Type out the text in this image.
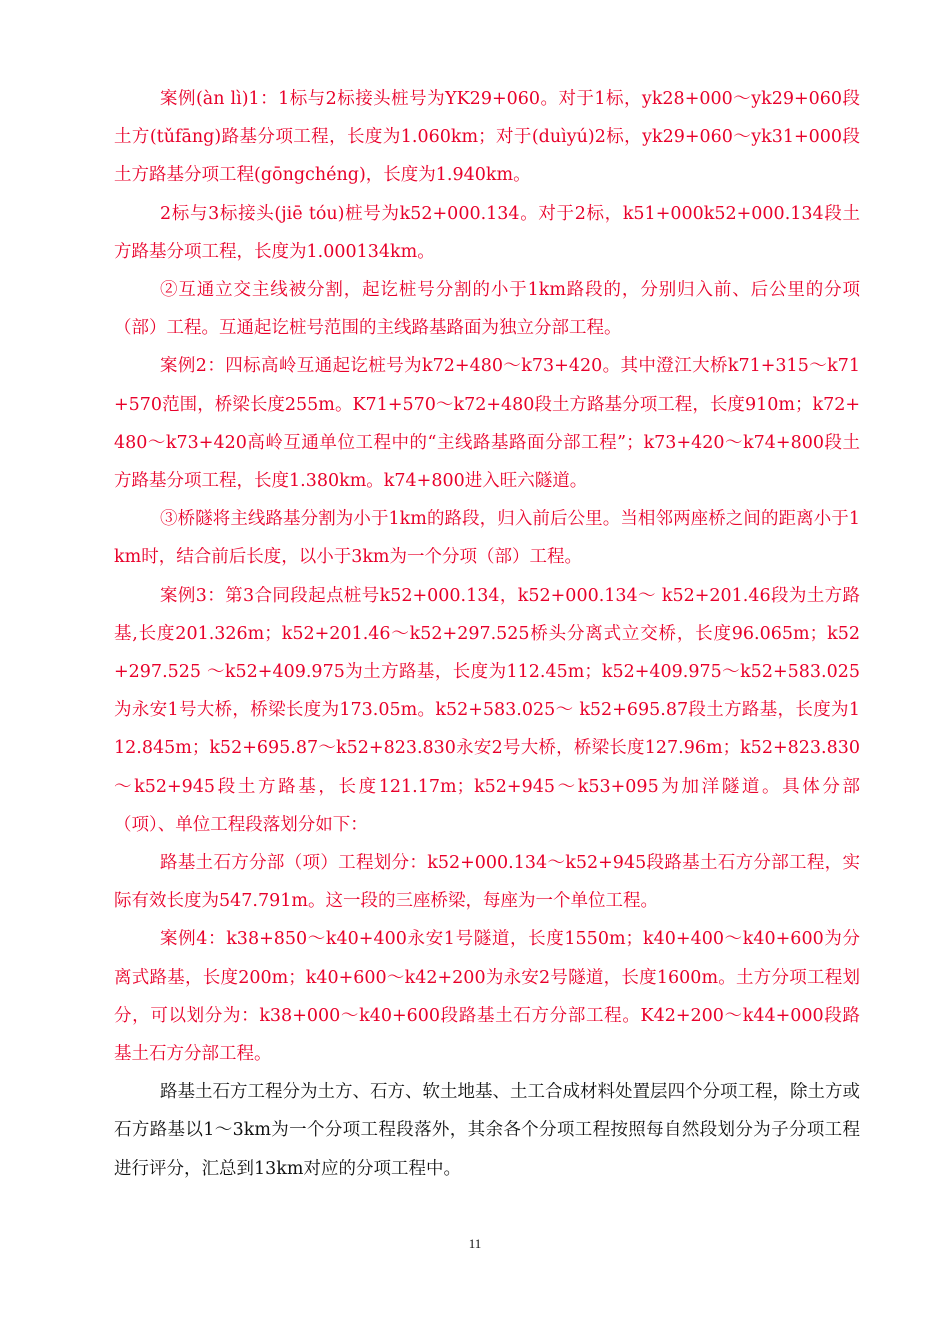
案例(àn lì)1：1标与2标接头桩号为YK29+060。对于1标，yk28+000～yk29+060段土方(tǔfāng)路基分项工程，长度为1.060km；对于(duìyú)2标，yk29+060～yk31+000段土方路基分项工程(gōngchéng)，长度为1.940km。

2标与3标接头(jiē tóu)桩号为k52+000.134。对于2标，k51+000k52+000.134段土方路基分项工程，长度为1.000134km。

②互通立交主线被分割，起讫桩号分割的小于1km路段的，分别归入前、后公里的分项（部）工程。互通起讫桩号范围的主线路基路面为独立分部工程。

案例2：四标高岭互通起讫桩号为k72+480～k73+420。其中澄江大桥k71+315～k71+570范围，桥梁长度255m。K71+570～k72+480段土方路基分项工程，长度910m；k72+480～k73+420高岭互通单位工程中的“主线路基路面分部工程”；k73+420～k74+800段土方路基分项工程，长度1.380km。k74+800进入旺六隧道。

③桥隧将主线路基分割为小于1km的路段，归入前后公里。当相邻两座桥之间的距离小于1km时，结合前后长度，以小于3km为一个分项（部）工程。

案例3：第3合同段起点桩号k52+000.134，k52+000.134～ k52+201.46段为土方路基,长度201.326m；k52+201.46～k52+297.525桥头分离式立交桥，长度96.065m；k52+297.525 ～k52+409.975为土方路基，长度为112.45m；k52+409.975～k52+583.025为永安1号大桥，桥梁长度为173.05m。k52+583.025～ k52+695.87段土方路基，长度为112.845m；k52+695.87～k52+823.830永安2号大桥，桥梁长度127.96m；k52+823.830～k52+945段土方路基，长度121.17m；k52+945～k53+095为加洋隧道。具体分部（项）、单位工程段落划分如下：

路基土石方分部（项）工程划分：k52+000.134～k52+945段路基土石方分部工程，实际有效长度为547.791m。这一段的三座桥梁，每座为一个单位工程。

案例4：k38+850～k40+400永安1号隧道，长度1550m；k40+400～k40+600为分离式路基，长度200m；k40+600～k42+200为永安2号隧道，长度1600m。土方分项工程划分，可以划分为：k38+000～k40+600段路基土石方分部工程。K42+200～k44+000段路基土石方分部工程。

路基土石方工程分为土方、石方、软土地基、土工合成材料处置层四个分项工程，除土方或石方路基以1～3km为一个分项工程段落外，其余各个分项工程按照每自然段划分为子分项工程进行评分，汇总到13km对应的分项工程中。

11
